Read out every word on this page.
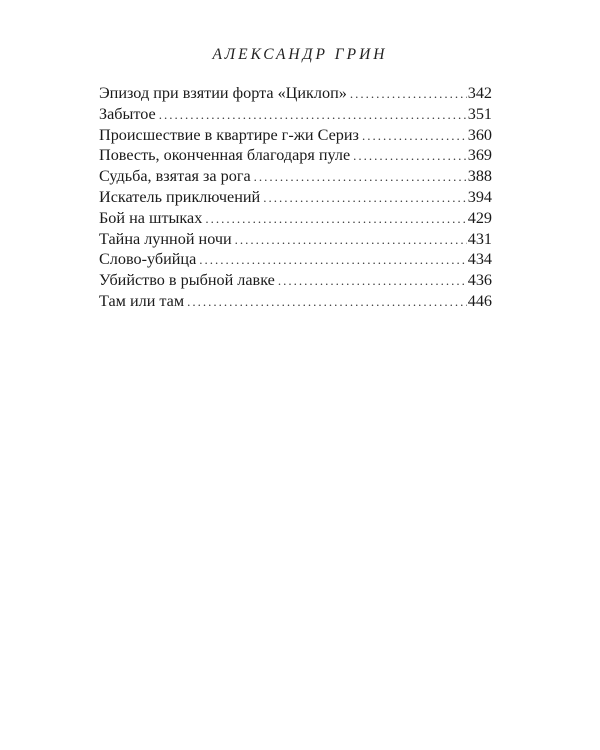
АЛЕКСАНДР ГРИН
Эпизод при взятии форта «Циклоп» .....	342
Забытое .....	351
Происшествие в квартире г-жи Сериз .....	360
Повесть, оконченная благодаря пуле .....	369
Судьба, взятая за рога .....	388
Искатель приключений .....	394
Бой на штыках .....	429
Тайна лунной ночи .....	431
Слово-убийца .....	434
Убийство в рыбной лавке .....	436
Там или там .....	446
